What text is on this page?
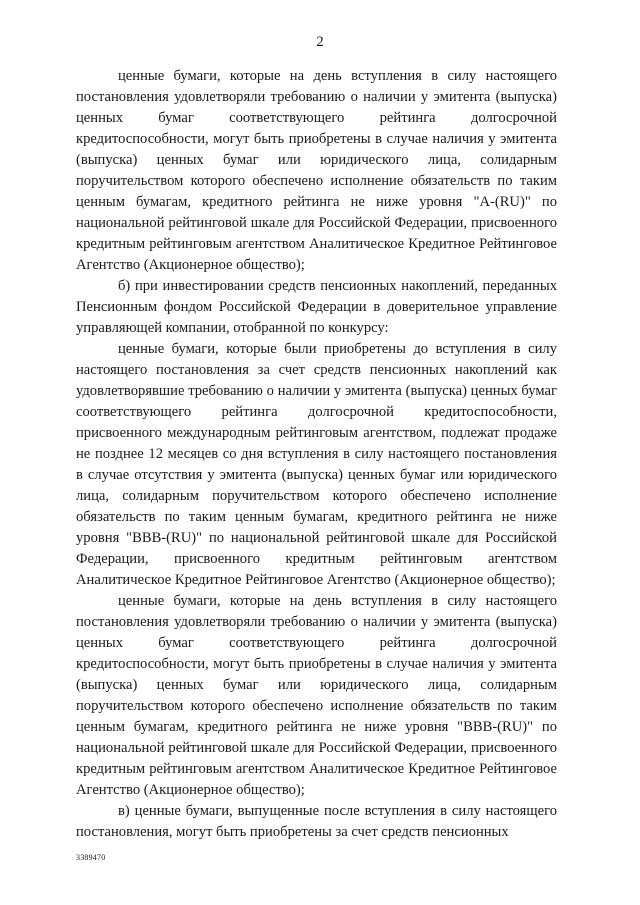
2

ценные бумаги, которые на день вступления в силу настоящего постановления удовлетворяли требованию о наличии у эмитента (выпуска) ценных бумаг соответствующего рейтинга долгосрочной кредитоспособности, могут быть приобретены в случае наличия у эмитента (выпуска) ценных бумаг или юридического лица, солидарным поручительством которого обеспечено исполнение обязательств по таким ценным бумагам, кредитного рейтинга не ниже уровня "A-(RU)" по национальной рейтинговой шкале для Российской Федерации, присвоенного кредитным рейтинговым агентством Аналитическое Кредитное Рейтинговое Агентство (Акционерное общество);

б) при инвестировании средств пенсионных накоплений, переданных Пенсионным фондом Российской Федерации в доверительное управление управляющей компании, отобранной по конкурсу:

ценные бумаги, которые были приобретены до вступления в силу настоящего постановления за счет средств пенсионных накоплений как удовлетворявшие требованию о наличии у эмитента (выпуска) ценных бумаг соответствующего рейтинга долгосрочной кредитоспособности, присвоенного международным рейтинговым агентством, подлежат продаже не позднее 12 месяцев со дня вступления в силу настоящего постановления в случае отсутствия у эмитента (выпуска) ценных бумаг или юридического лица, солидарным поручительством которого обеспечено исполнение обязательств по таким ценным бумагам, кредитного рейтинга не ниже уровня "BBB-(RU)" по национальной рейтинговой шкале для Российской Федерации, присвоенного кредитным рейтинговым агентством Аналитическое Кредитное Рейтинговое Агентство (Акционерное общество);

ценные бумаги, которые на день вступления в силу настоящего постановления удовлетворяли требованию о наличии у эмитента (выпуска) ценных бумаг соответствующего рейтинга долгосрочной кредитоспособности, могут быть приобретены в случае наличия у эмитента (выпуска) ценных бумаг или юридического лица, солидарным поручительством которого обеспечено исполнение обязательств по таким ценным бумагам, кредитного рейтинга не ниже уровня "BBB-(RU)" по национальной рейтинговой шкале для Российской Федерации, присвоенного кредитным рейтинговым агентством Аналитическое Кредитное Рейтинговое Агентство (Акционерное общество);

в) ценные бумаги, выпущенные после вступления в силу настоящего постановления, могут быть приобретены за счет средств пенсионных

3389470
